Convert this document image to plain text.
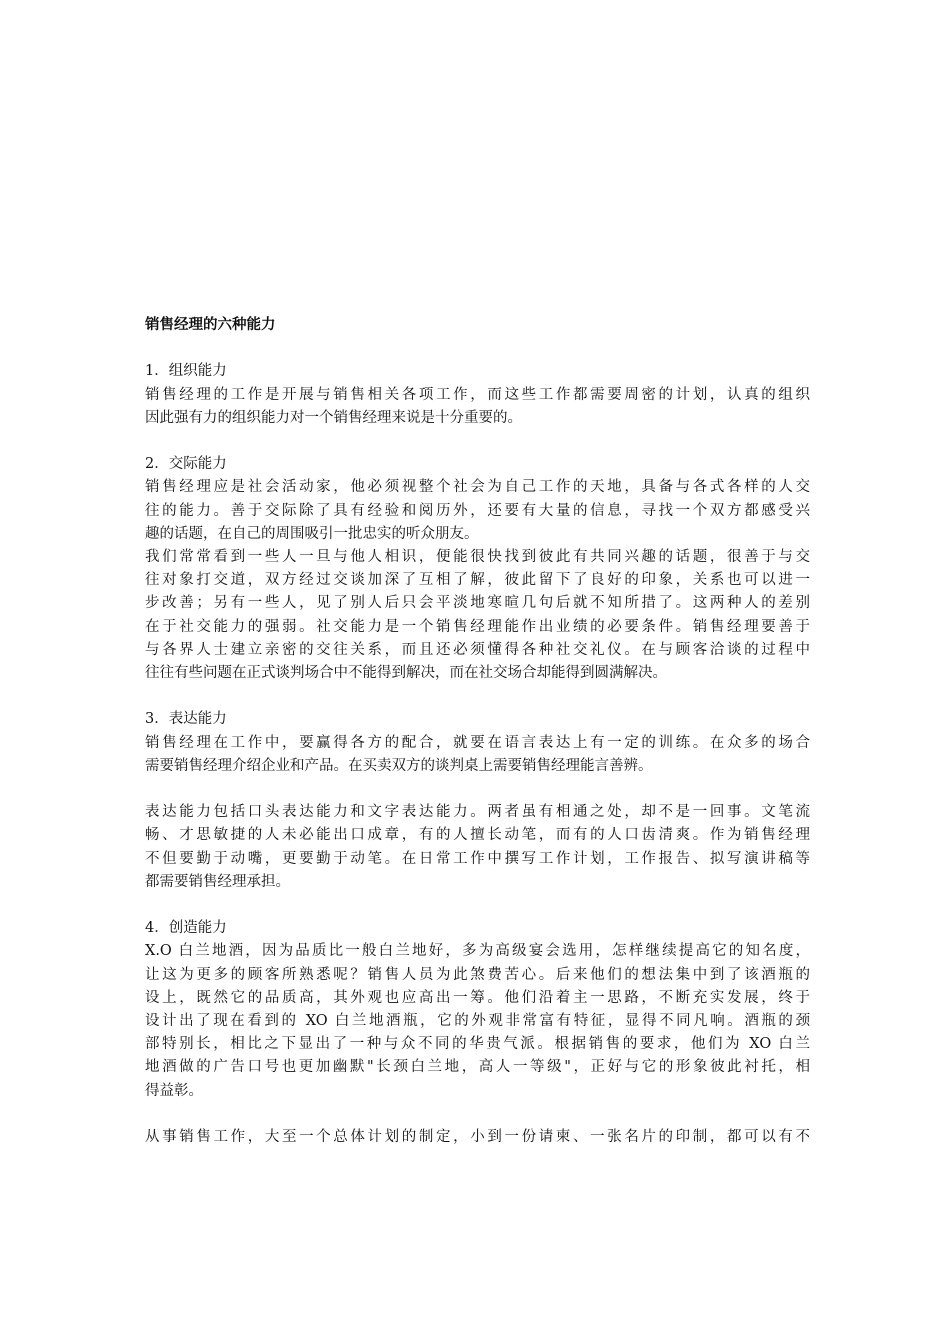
销售经理的六种能力

1．组织能力

销售经理的工作是开展与销售相关各项工作，而这些工作都需要周密的计划，认真的组织

因此强有力的组织能力对一个销售经理来说是十分重要的。

2．交际能力

销售经理应是社会活动家，他必须视整个社会为自己工作的天地，具备与各式各样的人交

往的能力。善于交际除了具有经验和阅历外，还要有大量的信息，寻找一个双方都感受兴

趣的话题，在自己的周围吸引一批忠实的听众朋友。

我们常常看到一些人一旦与他人相识，便能很快找到彼此有共同兴趣的话题，很善于与交

往对象打交道，双方经过交谈加深了互相了解，彼此留下了良好的印象，关系也可以进一

步改善；另有一些人，见了别人后只会平淡地寒暄几句后就不知所措了。这两种人的差别

在于社交能力的强弱。社交能力是一个销售经理能作出业绩的必要条件。销售经理要善于

与各界人士建立亲密的交往关系，而且还必须懂得各种社交礼仪。在与顾客洽谈的过程中

往往有些问题在正式谈判场合中不能得到解决，而在社交场合却能得到圆满解决。

3．表达能力

销售经理在工作中，要赢得各方的配合，就要在语言表达上有一定的训练。在众多的场合

需要销售经理介绍企业和产品。在买卖双方的谈判桌上需要销售经理能言善辨。

表达能力包括口头表达能力和文字表达能力。两者虽有相通之处，却不是一回事。文笔流

畅、才思敏捷的人未必能出口成章，有的人擅长动笔，而有的人口齿清爽。作为销售经理

不但要勤于动嘴，更要勤于动笔。在日常工作中撰写工作计划，工作报告、拟写演讲稿等

都需要销售经理承担。

4．创造能力

X.O 白兰地酒，因为品质比一般白兰地好，多为高级宴会选用，怎样继续提高它的知名度，

让这为更多的顾客所熟悉呢？销售人员为此煞费苦心。后来他们的想法集中到了该酒瓶的

设上，既然它的品质高，其外观也应高出一筹。他们沿着主一思路，不断充实发展，终于

设计出了现在看到的 XO 白兰地酒瓶，它的外观非常富有特征，显得不同凡响。酒瓶的颈

部特别长，相比之下显出了一种与众不同的华贵气派。根据销售的要求，他们为 XO 白兰

地酒做的广告口号也更加幽默"长颈白兰地，高人一等级"，正好与它的形象彼此衬托，相

得益彰。

从事销售工作，大至一个总体计划的制定，小到一份请柬、一张名片的印制，都可以有不
